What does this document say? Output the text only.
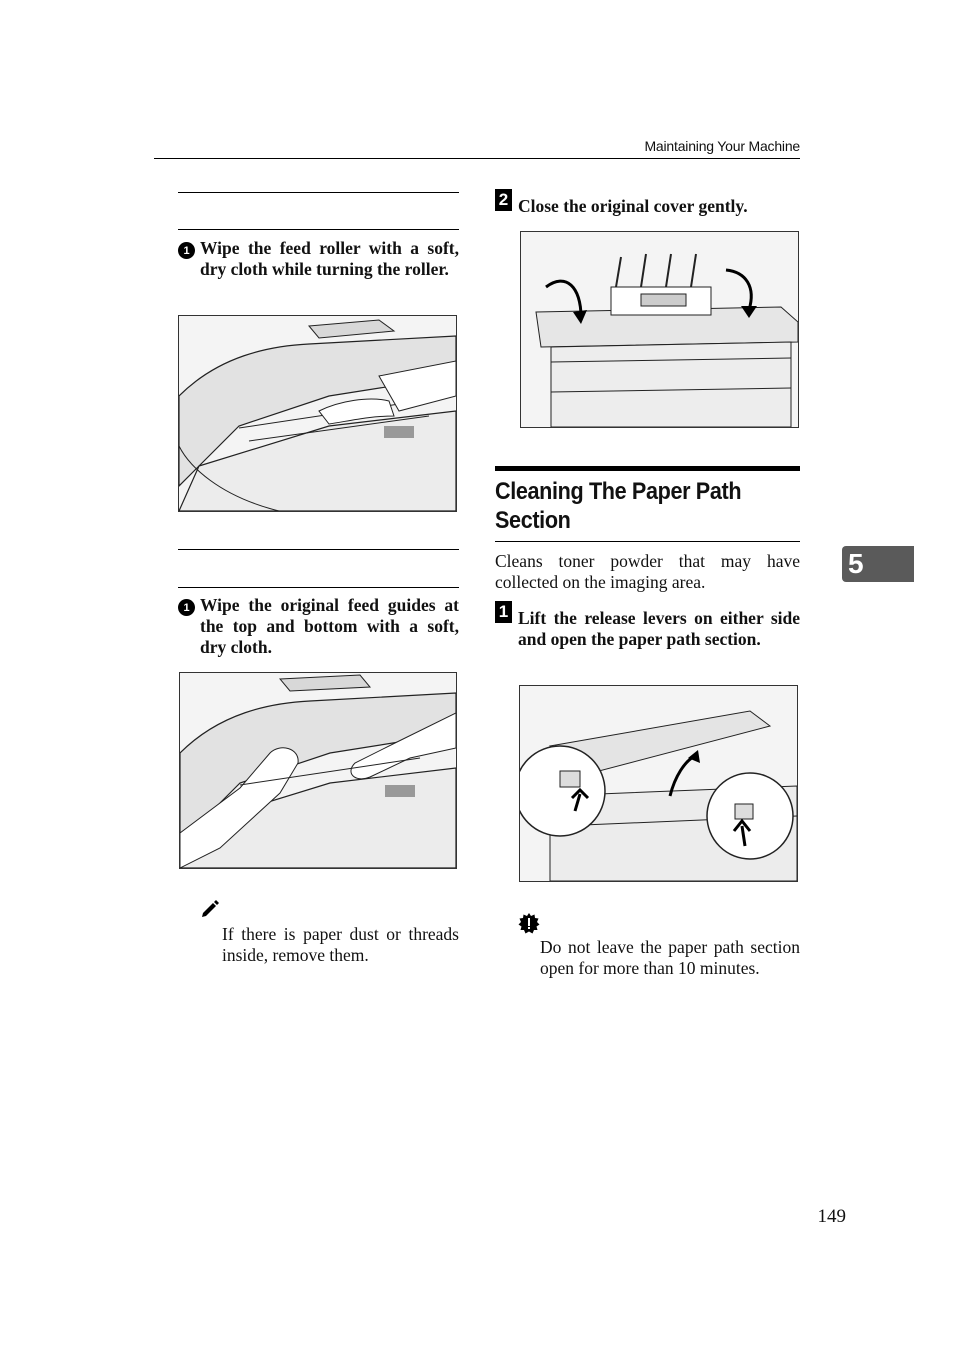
Maintaining Your Machine
1 Wipe the feed roller with a soft, dry cloth while turning the roller.
1 Wipe the original feed guides at the top and bottom with a soft, dry cloth.
If there is paper dust or threads inside, remove them.
2 Close the original cover gently.
Cleaning The Paper Path Section
Cleans toner powder that may have collected on the imaging area.
1 Lift the release levers on either side and open the paper path section.
Do not leave the paper path section open for more than 10 minutes.
5
149
